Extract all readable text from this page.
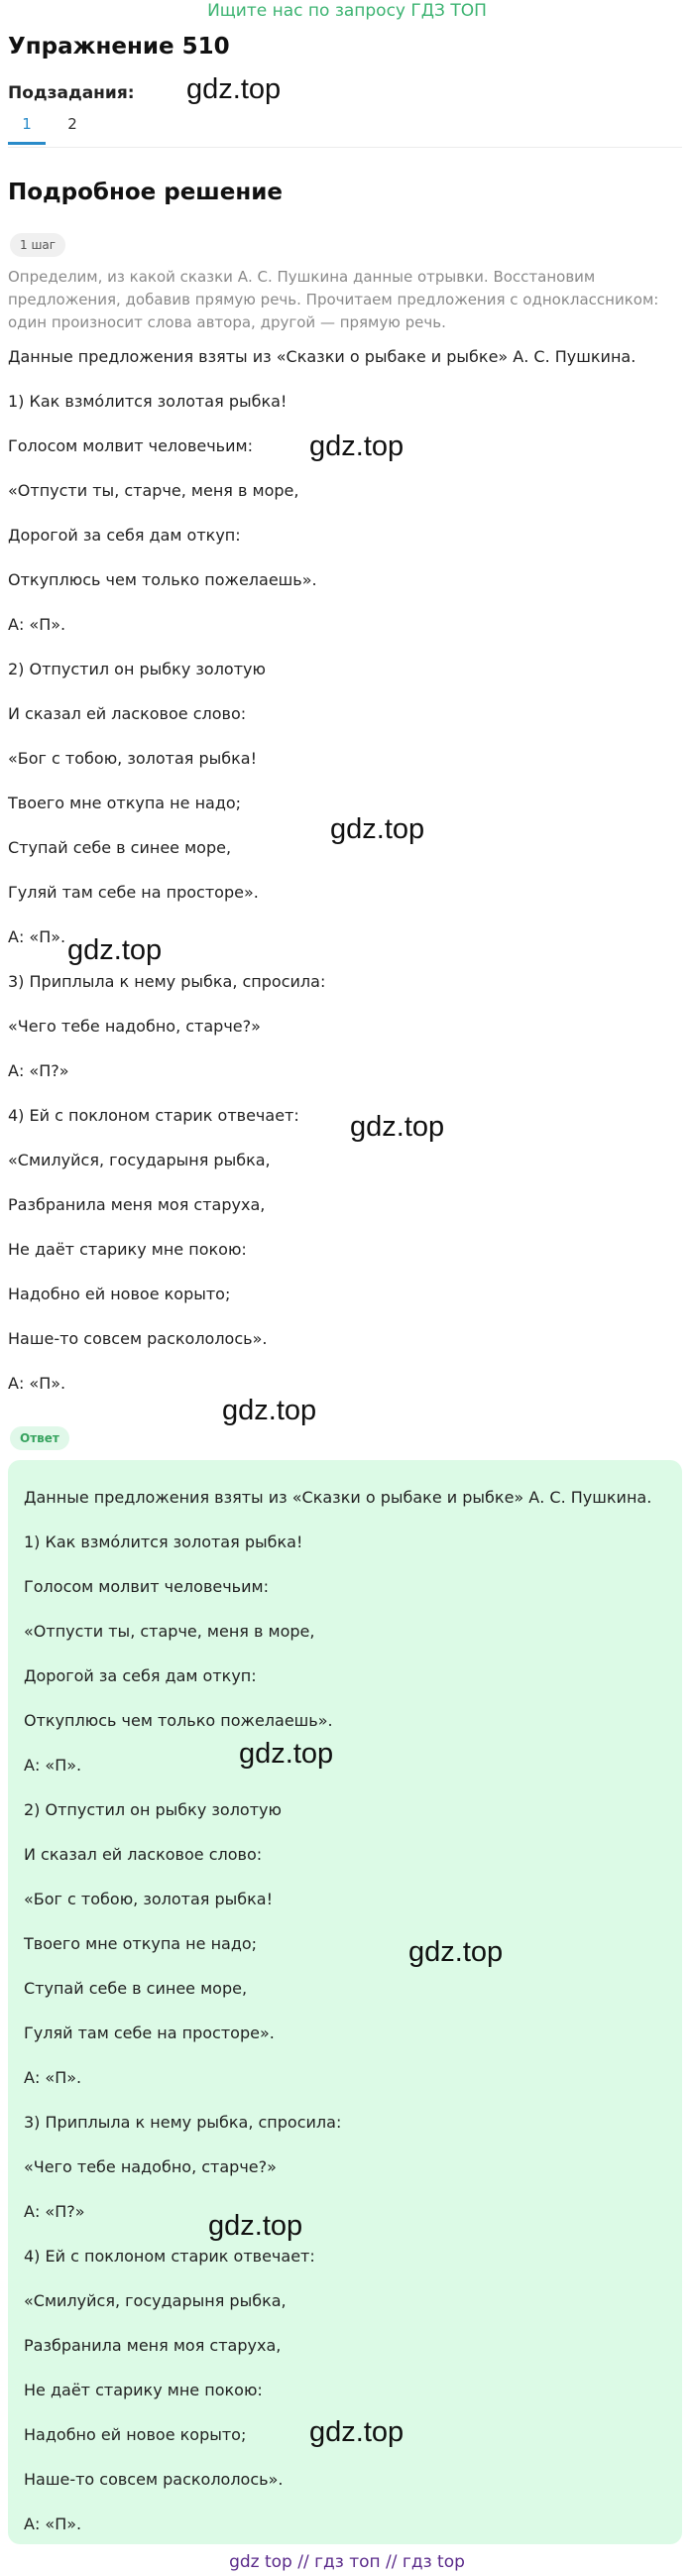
Ищите нас по запросу ГДЗ ТОП
Упражнение 510
Подзадания:
1	2
Подробное решение
1 шаг
Определим, из какой сказки А. С. Пушкина данные отрывки. Восстановим предложения, добавив прямую речь. Прочитаем предложения с одноклассником: один произносит слова автора, другой — прямую речь.
Данные предложения взяты из «Сказки о рыбаке и рыбке» А. С. Пушкина.
1) Как взмóлится золотая рыбка!
Голосом молвит человечьим:
«Отпусти ты, старче, меня в море,
Дорогой за себя дам откуп:
Откуплюсь чем только пожелаешь».
А: «П».
2) Отпустил он рыбку золотую
И сказал ей ласковое слово:
«Бог с тобою, золотая рыбка!
Твоего мне откупа не надо;
Ступай себе в синее море,
Гуляй там себе на просторе».
А: «П».
3) Приплыла к нему рыбка, спросила:
«Чего тебе надобно, старче?»
А: «П?»
4) Ей с поклоном старик отвечает:
«Смилуйся, государыня рыбка,
Разбранила меня моя старуха,
Не даёт старику мне покою:
Надобно ей новое корыто;
Наше-то совсем раскололось».
А: «П».
Ответ
Данные предложения взяты из «Сказки о рыбаке и рыбке» А. С. Пушкина.
1) Как взмóлится золотая рыбка!
Голосом молвит человечьим:
«Отпусти ты, старче, меня в море,
Дорогой за себя дам откуп:
Откуплюсь чем только пожелаешь».
А: «П».
2) Отпустил он рыбку золотую
И сказал ей ласковое слово:
«Бог с тобою, золотая рыбка!
Твоего мне откупа не надо;
Ступай себе в синее море,
Гуляй там себе на просторе».
А: «П».
3) Приплыла к нему рыбка, спросила:
«Чего тебе надобно, старче?»
А: «П?»
4) Ей с поклоном старик отвечает:
«Смилуйся, государыня рыбка,
Разбранила меня моя старуха,
Не даёт старику мне покою:
Надобно ей новое корыто;
Наше-то совсем раскололось».
А: «П».
gdz.top
gdz.top
gdz.top
gdz.top
gdz.top
gdz.top
gdz.top
gdz.top
gdz.top
gdz.top
gdz top // гдз топ // гдз top
